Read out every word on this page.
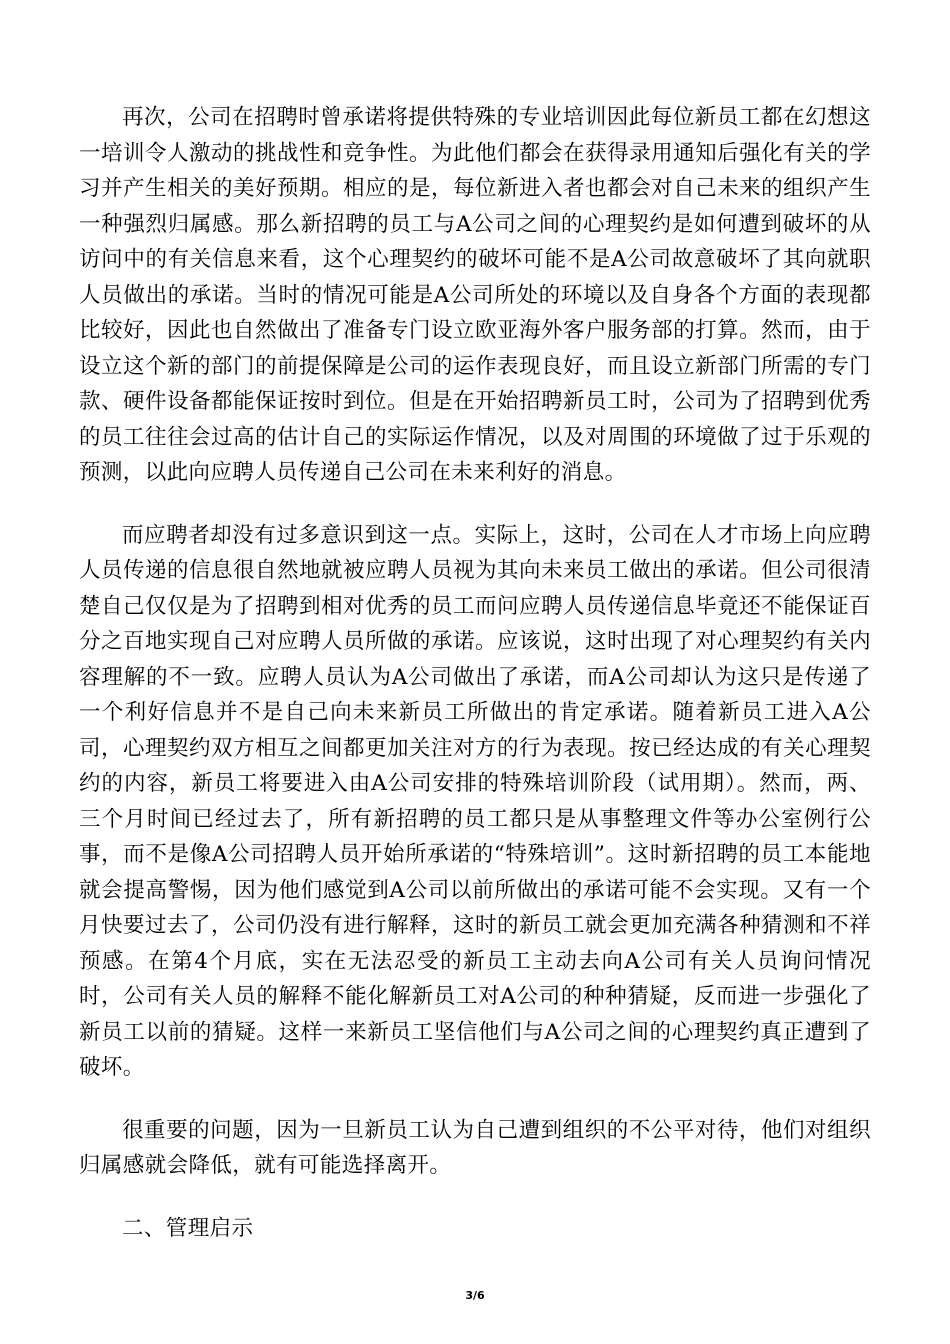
再次，公司在招聘时曾承诺将提供特殊的专业培训因此每位新员工都在幻想这一培训令人激动的挑战性和竞争性。为此他们都会在获得录用通知后强化有关的学习并产生相关的美好预期。相应的是，每位新进入者也都会对自己未来的组织产生一种强烈归属感。那么新招聘的员工与A公司之间的心理契约是如何遭到破坏的从访问中的有关信息来看，这个心理契约的破坏可能不是A公司故意破坏了其向就职人员做出的承诺。当时的情况可能是A公司所处的环境以及自身各个方面的表现都比较好，因此也自然做出了准备专门设立欧亚海外客户服务部的打算。然而，由于设立这个新的部门的前提保障是公司的运作表现良好，而且设立新部门所需的专门款、硬件设备都能保证按时到位。但是在开始招聘新员工时，公司为了招聘到优秀的员工往往会过高的估计自己的实际运作情况，以及对周围的环境做了过于乐观的预测，以此向应聘人员传递自己公司在未来利好的消息。

而应聘者却没有过多意识到这一点。实际上，这时，公司在人才市场上向应聘人员传递的信息很自然地就被应聘人员视为其向未来员工做出的承诺。但公司很清楚自己仅仅是为了招聘到相对优秀的员工而问应聘人员传递信息毕竟还不能保证百分之百地实现自己对应聘人员所做的承诺。应该说，这时出现了对心理契约有关内容理解的不一致。应聘人员认为A公司做出了承诺，而A公司却认为这只是传递了一个利好信息并不是自己向未来新员工所做出的肯定承诺。随着新员工进入A公司，心理契约双方相互之间都更加关注对方的行为表现。按已经达成的有关心理契约的内容，新员工将要进入由A公司安排的特殊培训阶段（试用期）。然而，两、三个月时间已经过去了，所有新招聘的员工都只是从事整理文件等办公室例行公事，而不是像A公司招聘人员开始所承诺的“特殊培训”。这时新招聘的员工本能地就会提高警惕，因为他们感觉到A公司以前所做出的承诺可能不会实现。又有一个月快要过去了，公司仍没有进行解释，这时的新员工就会更加充满各种猜测和不祥预感。在第4个月底，实在无法忍受的新员工主动去向A公司有关人员询问情况时，公司有关人员的解释不能化解新员工对A公司的种种猜疑，反而进一步强化了新员工以前的猜疑。这样一来新员工坚信他们与A公司之间的心理契约真正遭到了破坏。

很重要的问题，因为一旦新员工认为自己遭到组织的不公平对待，他们对组织归属感就会降低，就有可能选择离开。

二、管理启示

3/6
